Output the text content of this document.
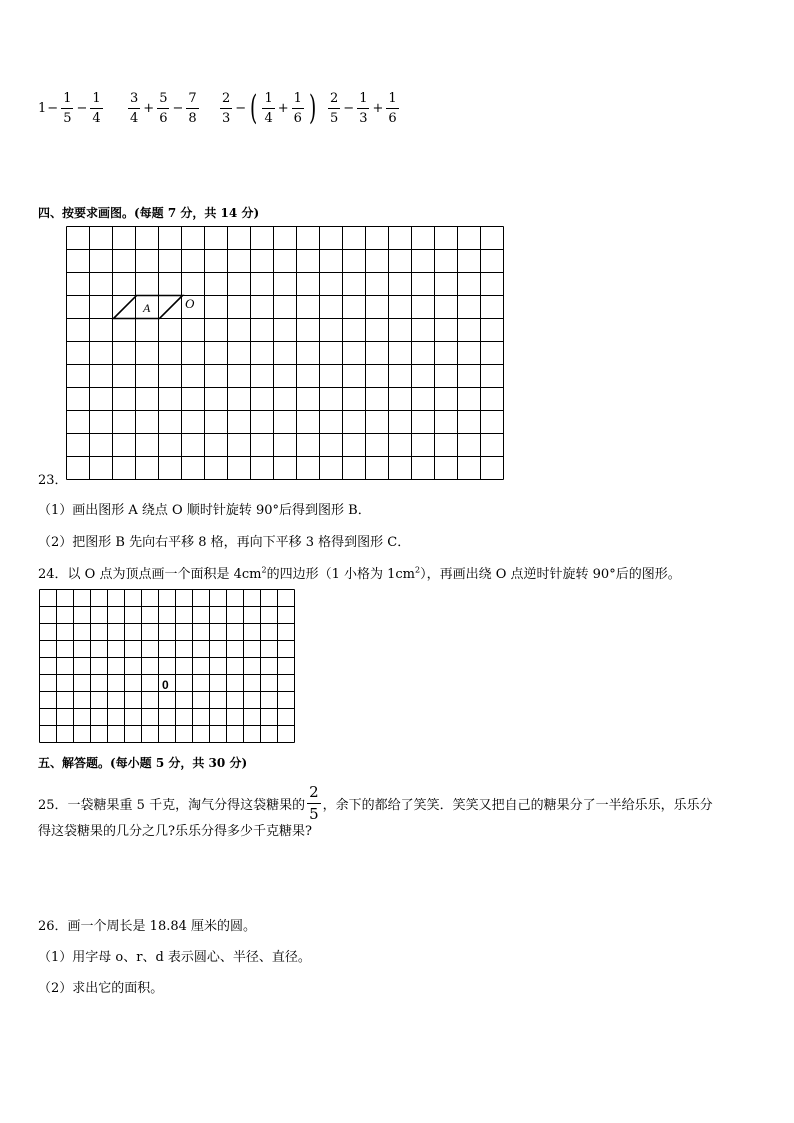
$1 - \frac{1}{5} - \frac{1}{4} \frac{3}{4} + \frac{5}{6} - \frac{7}{8} \frac{2}{3}$ − ( $\frac{1}{4} + \frac{1}{6}$ ) $\frac{2}{5} - \frac{1}{3} + \frac{1}{6}$
四、按要求画图。(每题 7 分，共 14 分)
A	O
23．
（1）画出图形 A 绕点 O 顺时针旋转 90°后得到图形 B．
（2）把图形 B 先向右平移 8 格，再向下平移 3 格得到图形 C．
24．以 O 点为顶点画一个面积是 $4cm^2$的四边形（1 小格为 $1cm^2$），再画出绕 O 点逆时针旋转 90°后的图形。
0
五、解答题。(每小题 5 分，共 30 分)
25．一袋糖果重 5 千克，淘气分得这袋糖果的 $\frac{2}{5}$ ，余下的都给了笑笑．笑笑又把自己的糖果分了一半给乐乐，乐乐分
得这袋糖果的几分之几?乐乐分得多少千克糖果?
26．画一个周长是 18.84 厘米的圆。
（1）用字母 o、r、d 表示圆心、半径、直径。
（2）求出它的面积。
